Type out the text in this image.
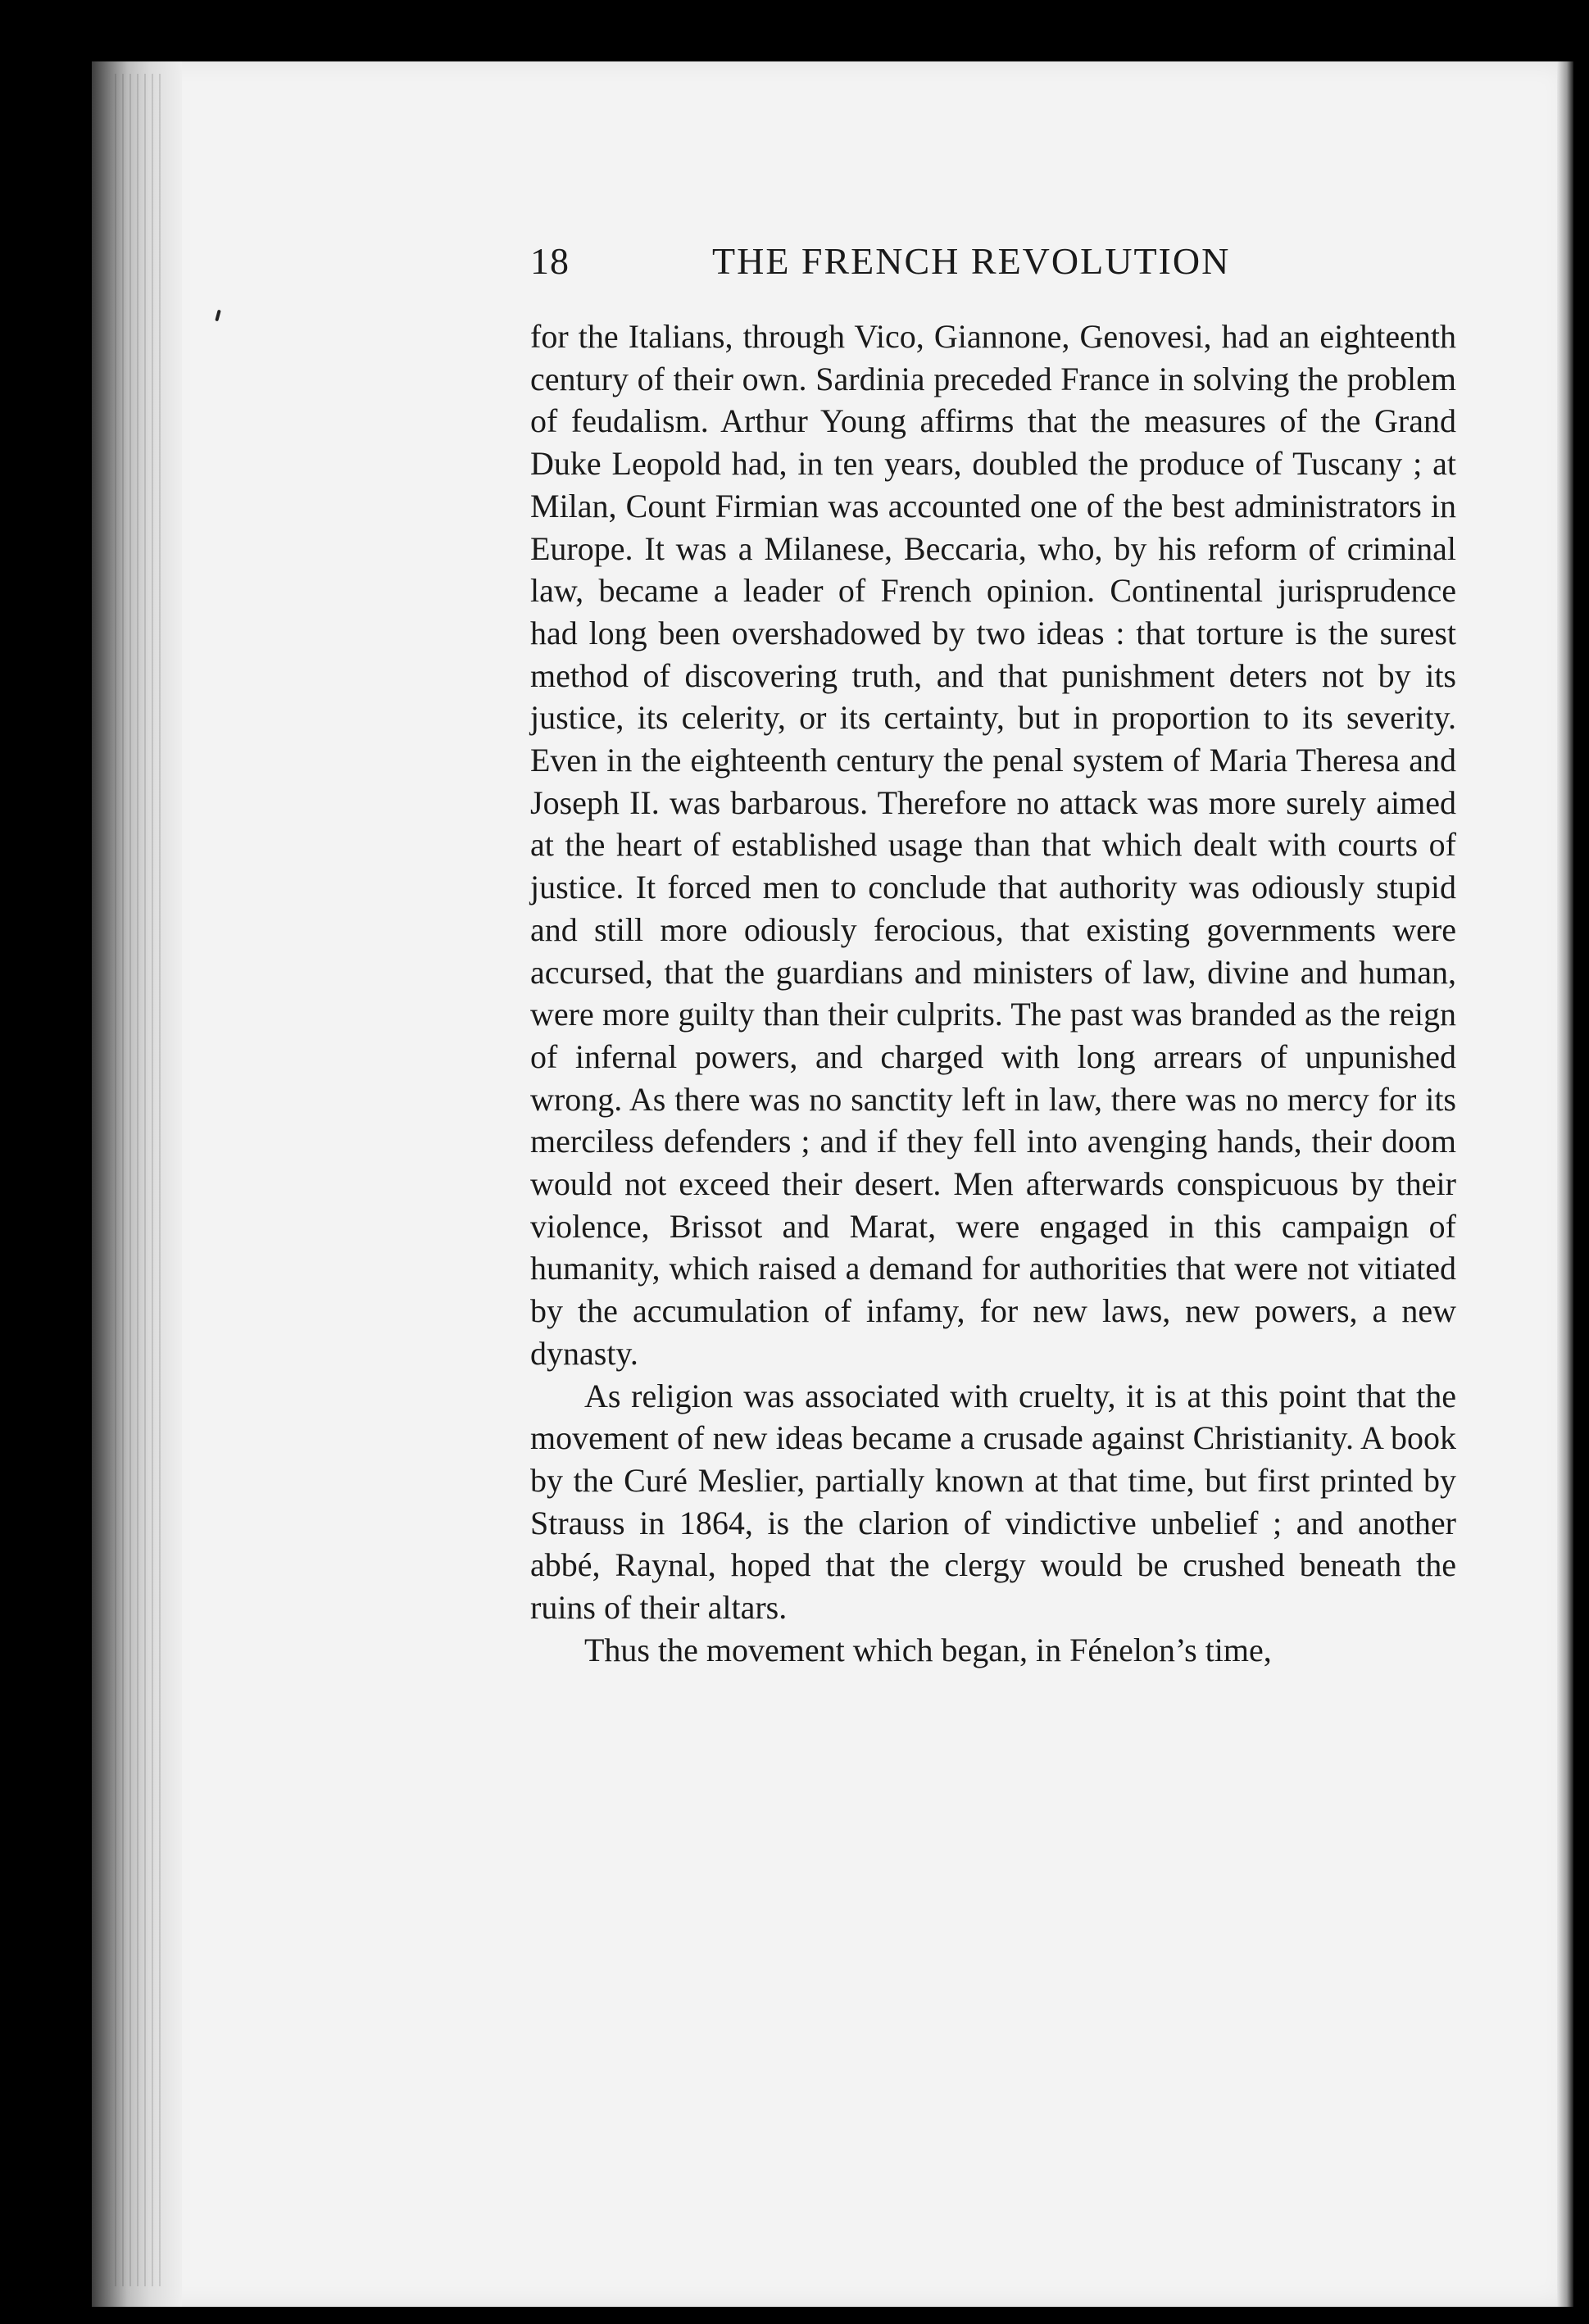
18	THE FRENCH REVOLUTION

for the Italians, through Vico, Giannone, Genovesi, had an eighteenth century of their own. Sardinia preceded France in solving the problem of feudalism. Arthur Young affirms that the measures of the Grand Duke Leopold had, in ten years, doubled the produce of Tuscany ; at Milan, Count Firmian was accounted one of the best administrators in Europe. It was a Milanese, Beccaria, who, by his reform of criminal law, became a leader of French opinion. Continental jurisprudence had long been overshadowed by two ideas : that torture is the surest method of discovering truth, and that punishment deters not by its justice, its celerity, or its certainty, but in proportion to its severity. Even in the eighteenth century the penal system of Maria Theresa and Joseph II. was barbarous. Therefore no attack was more surely aimed at the heart of established usage than that which dealt with courts of justice. It forced men to conclude that authority was odiously stupid and still more odiously ferocious, that existing governments were accursed, that the guardians and ministers of law, divine and human, were more guilty than their culprits. The past was branded as the reign of infernal powers, and charged with long arrears of unpunished wrong. As there was no sanctity left in law, there was no mercy for its merciless defenders ; and if they fell into avenging hands, their doom would not exceed their desert. Men afterwards conspicuous by their violence, Brissot and Marat, were engaged in this campaign of humanity, which raised a demand for authorities that were not vitiated by the accumulation of infamy, for new laws, new powers, a new dynasty.

As religion was associated with cruelty, it is at this point that the movement of new ideas became a crusade against Christianity. A book by the Curé Meslier, partially known at that time, but first printed by Strauss in 1864, is the clarion of vindictive unbelief ; and another abbé, Raynal, hoped that the clergy would be crushed beneath the ruins of their altars.

Thus the movement which began, in Fénelon’s time,
